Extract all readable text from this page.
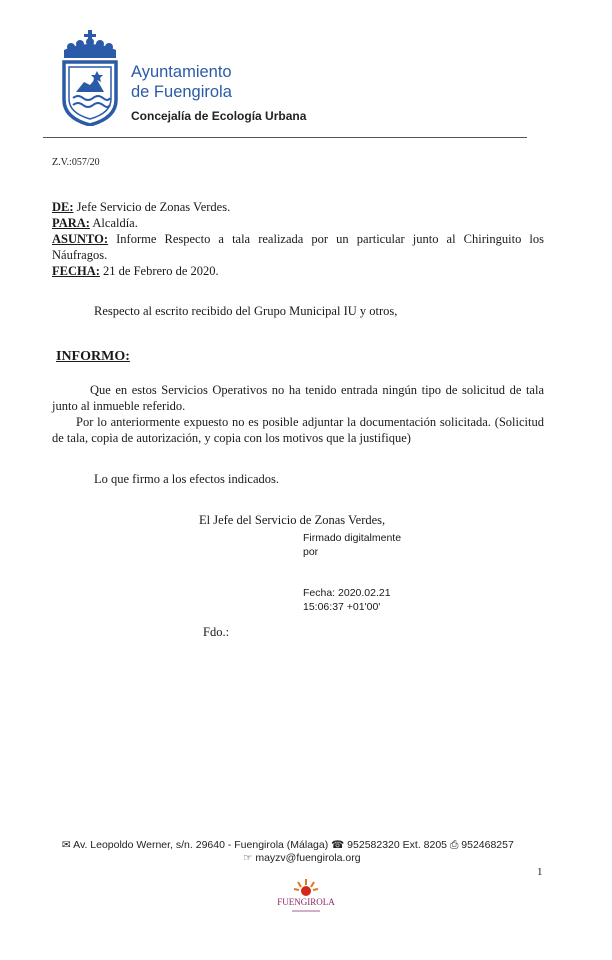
Ayuntamiento
de Fuengirola
Concejalía de Ecología Urbana
Z.V.:057/20
DE: Jefe Servicio de Zonas Verdes.
PARA: Alcaldía.
ASUNTO: Informe Respecto a tala realizada por un particular junto al Chiringuito los
Náufragos.
FECHA: 21 de Febrero de 2020.
Respecto al escrito recibido del Grupo Municipal IU y otros,
INFORMO:
Que en estos Servicios Operativos no ha tenido entrada ningún tipo de solicitud de tala junto al inmueble referido.
Por lo anteriormente expuesto no es posible adjuntar la documentación solicitada. (Solicitud de tala, copia de autorización, y copia con los motivos que la justifique)
Lo que firmo a los efectos indicados.
El Jefe del Servicio de Zonas Verdes,
Firmado digitalmente
por
Fecha: 2020.02.21
15:06:37 +01'00'
Fdo.:
✉ Av. Leopoldo Werner, s/n. 29640 - Fuengirola (Málaga) ☎ 952582320 Ext. 8205 ⎙ 952468257
☞ mayzv@fuengirola.org
1
FUENGIROLA
